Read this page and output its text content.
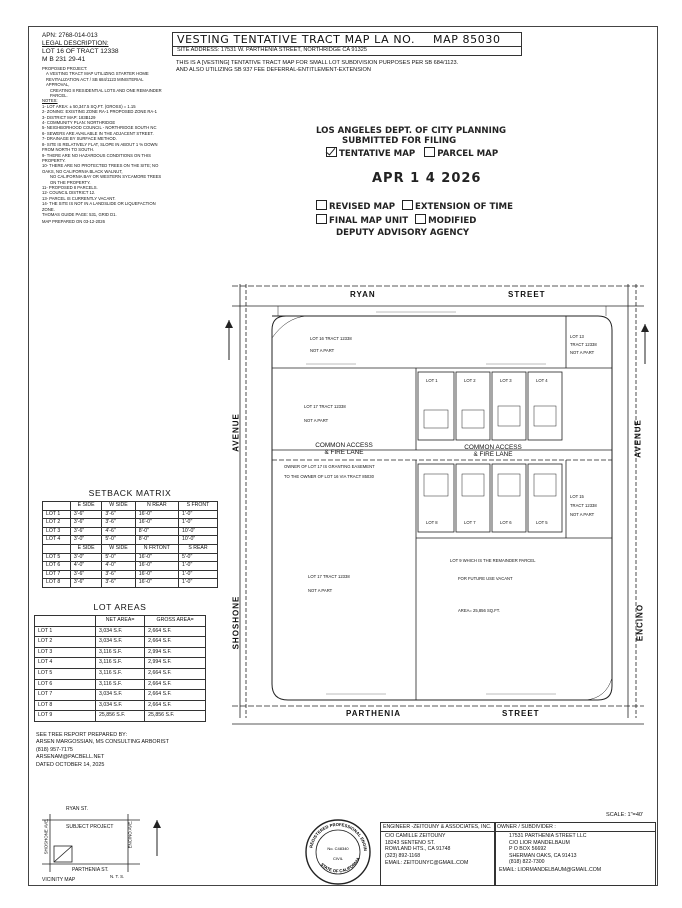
APN: 2768-014-013
LEGAL DESCRIPTION:
LOT 16 OF TRACT 12338
M B 231 29-41
PROPOSED PROJECT:
A VESTING TRACT MAP UTILIZING STARTER HOME REVITALIZATION ACT / SB 684/1123 MINISTERIAL APPROVAL,
CREATING 8 RESIDENTIAL LOTS AND ONE REMAINDER PARCEL.
NOTES:
1- LOT AREA: ± 50,347.5 SQ.FT. (GROSS) = 1.15
2- ZONING: EXISTING ZONE RA-1 PROPOSED ZONE RA-1
3- DISTRICT MAP: 183B129
4- COMMUNITY PLAN: NORTHRIDGE
5- NEIGHBORHOOD COUNCIL - NORTHRIDGE SOUTH NC
6- SEWERS ARE AVAILABLE IN THE ADJACENT STREET.
7- DRAINAGE BY SURFACE METHOD.
8- SITE IS RELATIVELY FLAT, SLOPE IN ABOUT 1 % DOWN FROM NORTH TO SOUTH.
9- THERE ARE NO HAZARDOUS CONDITIONS ON THIS PROPERTY.
10- THERE ARE NO PROTECTED TREES ON THE SITE; NO OAKS, NO CALIFORNIA BLACK WALNUT,
NO CALIFORNIA BAY OR WESTERN SYCAMORE TREES ON THE PROPERTY.
11- PROPOSED 8 PARCELS.
12- COUNCIL DISTRICT 12.
13- PARCEL IS CURRENTLY VACANT.
14- THE SITE IS NOT IN A LANDSLIDE OR LIQUEFACTION ZONE.
THOMAS GUIDE PAGE: 531, GRID D1.
MAP PREPARED ON 03-12-2026
VESTING TENTATIVE TRACT MAP LA NO. MAP 85030
SITE ADDRESS: 17531 W. PARTHENIA STREET, NORTHRIDGE CA 91325
THIS IS A [VESTING] TENTATIVE TRACT MAP FOR SMALL LOT SUBDIVISION PURPOSES PER SB 684/1123.
AND ALSO UTILIZING SB 937 FEE DEFERRAL-ENTITLEMENT-EXTENSION
LOS ANGELES DEPT. OF CITY PLANNING
SUBMITTED FOR FILING
TENTATIVE MAP	PARCEL MAP
APR 1 4 2026
REVISED MAP EXTENSION OF TIME
FINAL MAP UNIT MODIFIED
DEPUTY ADVISORY AGENCY
RYAN	STREET
PARTHENIA	STREET
AVENUE
SHOSHONE
AVENUE
ENCINO
LOT 16 TRACT 12338
NOT A PART
LOT 17 TRACT 12338
NOT A PART
LOT 13
TRACT 12338
NOT A PART
LOT 15
TRACT 12338
NOT A PART
COMMON ACCESS
& FIRE LANE
COMMON ACCESS
& FIRE LANE
OWNER OF LOT 17 IS GRANTING EASEMENT
TO THE OWNER OF LOT 16 VIA TRACT 85030
LOT 17 TRACT 12338
NOT A PART
LOT 9 WHICH IS THE REMAINDER PARCEL
FOR FUTURE USE VACANT
AREA= 25,856 SQ.FT.
LOT 1	LOT 2	LOT 3	LOT 4
LOT 8	LOT 7	LOT 6	LOT 5
SETBACK MATRIX
	E SIDE	W SIDE	N REAR	S FRONT
LOT 1	3'-6"	3'-6"	16'-0"	1'-0"
LOT 2	3'-6"	3'-6"	16'-0"	1'-0"
LOT 3	3'-6"	4'-6"	8'-0"	10'-0"
LOT 4	3'-0"	5'-0"	8'-0"	10'-0"
	E SIDE	W SIDE	N FRTONT	S REAR
LOT 5	3'-0"	5'-0"	16'-0"	5'-0"
LOT 6	4'-0"	4'-0"	16'-0"	1'-0"
LOT 7	3'-6"	3'-6"	16'-0"	1'-0"
LOT 8	3'-6"	3'-6"	16'-0"	1'-0"
LOT AREAS
	NET AREA=	GROSS AREA=
LOT 1	3,034 S.F.	2,664 S.F.
LOT 2	3,034 S.F.	2,664 S.F.
LOT 3	3,116 S.F.	2,994 S.F.
LOT 4	3,116 S.F.	2,994 S.F.
LOT 5	3,116 S.F.	2,664 S.F.
LOT 6	3,116 S.F.	2,664 S.F.
LOT 7	3,034 S.F.	2,664 S.F.
LOT 8	3,034 S.F.	2,664 S.F.
LOT 9	25,856 S.F.	25,856 S.F.
SEE TREE REPORT PREPARED BY:
ARSEN MARGOSSIAN, MS CONSULTING ARBORIST
(818) 957-7175
ARSENAM@PACBELL.NET
DATED OCTOBER 14, 2025
RYAN ST.
SUBJECT PROJECT
SHOSHONE AVE.	ENCINO AVE.
PARTHENIA ST.
N. T. S.
VICINITY MAP
REGISTERED PROFESSIONAL ENGIN
STATE OF CALIFORNIA
No. C48340
CIVIL
SCALE: 1"=40'
ENGINEER -ZEITOUNY & ASSOCIATES, INC.
C/O CAMILLE ZEITOUNY
18243 SENTENO ST.
ROWLAND HTS., CA 91748
(323) 892-1168
EMAIL: ZEITOUNYC@GMAIL.COM
OWNER / SUBDIVIDER :
17531 PARTHENIA STREET LLC
C/O LIOR MANDELBAUM
P O BOX 56692
SHERMAN OAKS, CA 91413
(818) 822-7300
EMAIL: LIORMANDELBAUM@GMAIL.COM
